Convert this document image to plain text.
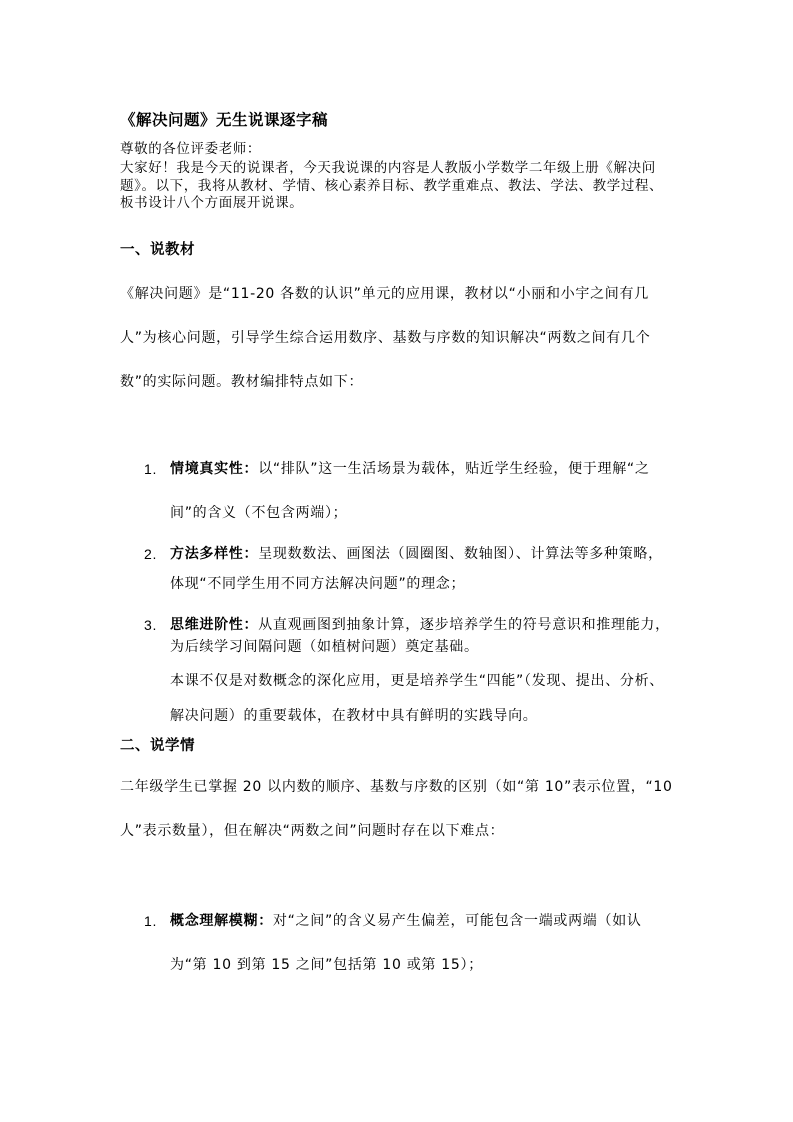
《解决问题》无生说课逐字稿
尊敬的各位评委老师：
大家好！我是今天的说课者，今天我说课的内容是人教版小学数学二年级上册《解决问题》。以下，我将从教材、学情、核心素养目标、教学重难点、教法、学法、教学过程、板书设计八个方面展开说课。
一、说教材
《解决问题》是“11-20 各数的认识”单元的应用课，教材以“小丽和小宇之间有几人”为核心问题，引导学生综合运用数序、基数与序数的知识解决“两数之间有几个数”的实际问题。教材编排特点如下：
1. 情境真实性：以“排队”这一生活场景为载体，贴近学生经验，便于理解“之间”的含义（不包含两端）；
2. 方法多样性：呈现数数法、画图法（圆圈图、数轴图）、计算法等多种策略，体现“不同学生用不同方法解决问题”的理念；
3. 思维进阶性：从直观画图到抽象计算，逐步培养学生的符号意识和推理能力，为后续学习间隔问题（如植树问题）奠定基础。
本课不仅是对数概念的深化应用，更是培养学生“四能”（发现、提出、分析、解决问题）的重要载体，在教材中具有鲜明的实践导向。
二、说学情
二年级学生已掌握 20 以内数的顺序、基数与序数的区别（如“第 10”表示位置，“10 人”表示数量），但在解决“两数之间”问题时存在以下难点：
1. 概念理解模糊：对“之间”的含义易产生偏差，可能包含一端或两端（如认为“第 10 到第 15 之间”包括第 10 或第 15）；
